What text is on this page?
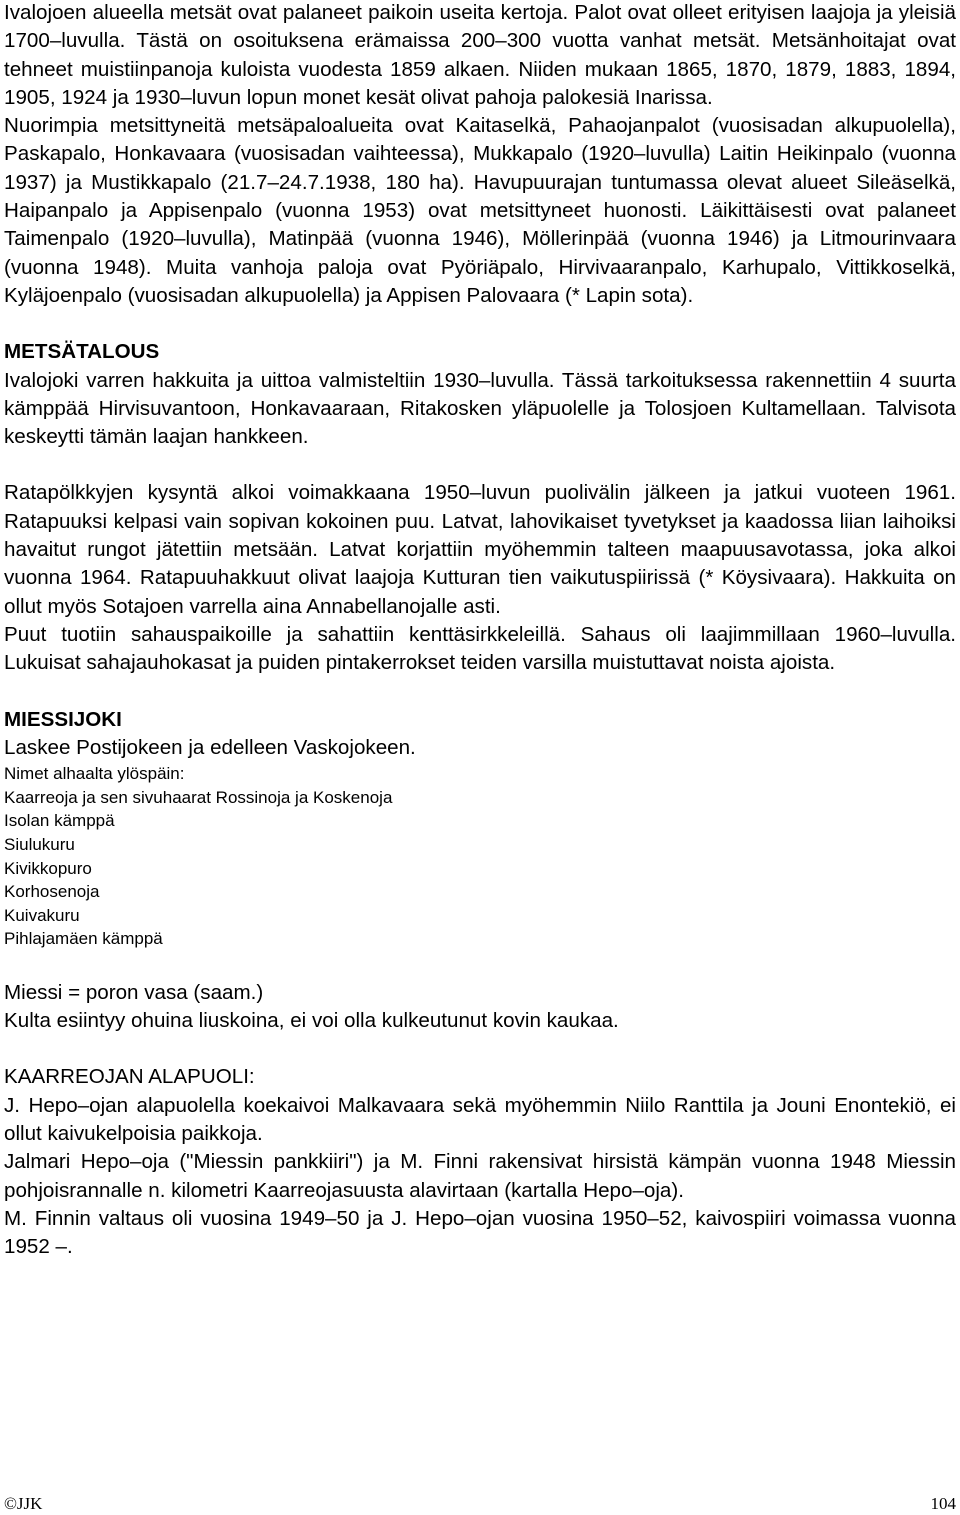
Ivalojoen alueella metsät ovat palaneet paikoin useita kertoja. Palot ovat olleet erityisen laajoja ja yleisiä 1700–luvulla. Tästä on osoituksena erämaissa 200–300 vuotta vanhat metsät. Metsänhoitajat ovat tehneet muistiinpanoja kuloista vuodesta 1859 alkaen. Niiden mukaan 1865, 1870, 1879, 1883, 1894, 1905, 1924 ja 1930–luvun lopun monet kesät olivat pahoja palokesiä Inarissa.

Nuorimpia metsittyneitä metsäpaloalueita ovat Kaitaselkä, Pahaojanpalot (vuosisadan alkupuolella), Paskapalo, Honkavaara (vuosisadan vaihteessa), Mukkapalo (1920–luvulla) Laitin Heikinpalo (vuonna 1937) ja Mustikkapalo (21.7–24.7.1938, 180 ha). Havupuurajan tuntumassa olevat alueet Sileäselkä, Haipanpalo ja Appisenpalo (vuonna 1953) ovat metsittyneet huonosti. Läikittäisesti ovat palaneet Taimenpalo (1920–luvulla), Matinpää (vuonna 1946), Möllerinpää (vuonna 1946) ja Litmourinvaara (vuonna 1948). Muita vanhoja paloja ovat Pyöriäpalo, Hirvivaaranpalo, Karhupalo, Vittikkoselkä, Kyläjoenpalo (vuosisadan alkupuolella) ja Appisen Palovaara (* Lapin sota).

METSÄTALOUS

Ivalojoki varren hakkuita ja uittoa valmisteltiin 1930–luvulla. Tässä tarkoituksessa rakennettiin 4 suurta kämppää Hirvisuvantoon, Honkavaaraan, Ritakosken yläpuolelle ja Tolosjoen Kultamellaan. Talvisota keskeytti tämän laajan hankkeen.

Ratapölkkyjen kysyntä alkoi voimakkaana 1950–luvun puolivälin jälkeen ja jatkui vuoteen 1961. Ratapuuksi kelpasi vain sopivan kokoinen puu. Latvat, lahovikaiset tyvetykset ja kaadossa liian laihoiksi havaitut rungot jätettiin metsään. Latvat korjattiin myöhemmin talteen maapuusavotassa, joka alkoi vuonna 1964. Ratapuuhakkuut olivat laajoja Kutturan tien vaikutuspiirissä (* Köysivaara). Hakkuita on ollut myös Sotajoen varrella aina Annabellanojalle asti.

Puut tuotiin sahauspaikoille ja sahattiin kenttäsirkkeleillä. Sahaus oli laajimmillaan 1960–luvulla. Lukuisat sahajauhokasat ja puiden pintakerrokset teiden varsilla muistuttavat noista ajoista.

MIESSIJOKI

Laskee Postijokeen ja edelleen Vaskojokeen.

Nimet alhaalta ylöspäin:

Kaarreoja ja sen sivuhaarat Rossinoja ja Koskenoja
Isolan kämppä
Siulukuru
Kivikkopuro
Korhosenoja
Kuivakuru
Pihlajamäen kämppä

Miessi = poron vasa (saam.)

Kulta esiintyy ohuina liuskoina, ei voi olla kulkeutunut kovin kaukaa.

KAARREOJAN ALAPUOLI:

J. Hepo–ojan alapuolella koekaivoi Malkavaara sekä myöhemmin Niilo Ranttila ja Jouni Enontekiö, ei ollut kaivukelpoisia paikkoja.

Jalmari Hepo–oja ("Miessin pankkiiri") ja M. Finni rakensivat hirsistä kämpän vuonna 1948 Miessin pohjoisrannalle n. kilometri Kaarreojasuusta alavirtaan (kartalla Hepo–oja).

M. Finnin valtaus oli vuosina 1949–50 ja J. Hepo–ojan vuosina 1950–52, kaivospiiri voimassa vuonna 1952 –.

©JJK	104
